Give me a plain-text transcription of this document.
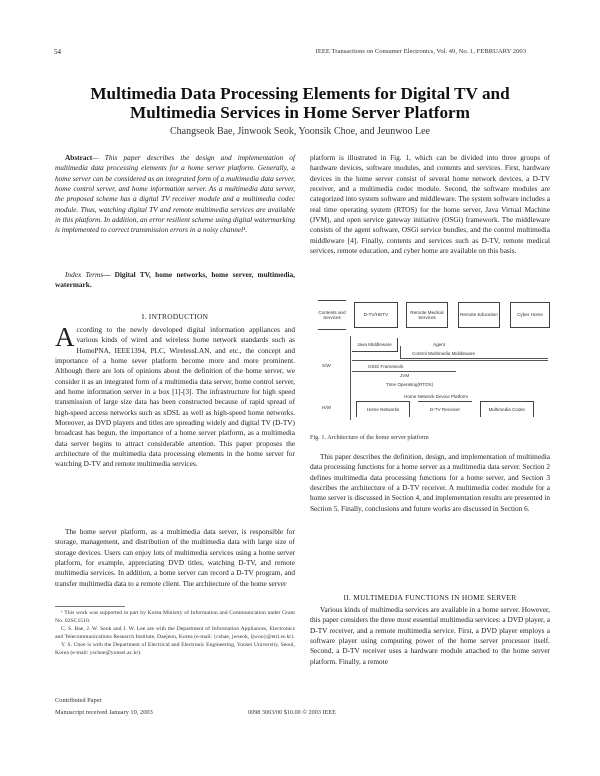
54	IEEE Transactions on Consumer Electronics, Vol. 49, No. 1, FEBRUARY 2003
Multimedia Data Processing Elements for Digital TV and
Multimedia Services in Home Server Platform
Changseok Bae, Jinwook Seok, Yoonsik Choe, and Jeunwoo Lee

Abstract— This paper describes the design and implementation of multimedia data processing elements for a home server platform. Generally, a home server can be considered as an integrated form of a multimedia data server, home control server, and home information server. As a multimedia data server, the proposed scheme has a digital TV receiver module and a multimedia codec module. Thus, watching digital TV and remote multimedia services are available in this platform. In addition, an error resilient scheme using digital watermarking is implemented to correct transmission errors in a noisy channel¹.

Index Terms— Digital TV, home networks, home server, multimedia, watermark.

I. INTRODUCTION
According to the newly developed digital information appliances and various kinds of wired and wireless home network standards such as HomePNA, IEEE1394, PLC, WirelessLAN, and etc., the concept and importance of a home sever platform become more and more prominent. Although there are lots of opinions about the definition of the home server, we consider it as an integrated form of a multimedia data server, home control server, and home information server in a box [1]-[3]. The infrastructure for high speed transmission of large size data has been constructed because of rapid spread of high-speed access networks such as xDSL as well as high-speed home networks. Moreover, as DVD players and titles are spreading widely and digital TV (D-TV) broadcast has begun, the importance of a home server platform, as a multimedia data server begins to attract considerable attention. This paper proposes the architecture of the multimedia data processing elements in the home server for watching D-TV and remote multimedia services.

The home server platform, as a multimedia data server, is responsible for storage, management, and distribution of the multimedia data with large size of storage devices. Users can enjoy lots of multimedia services using a home server platform, for example, appreciating DVD titles, watching D-TV, and remote multimedia services. In addition, a home server can record a D-TV program, and transfer multimedia data to a remote client. The architecture of the home server

¹ This work was supported in part by Korea Ministry of Information and Communication under Grant No. 02SC1510.

C. S. Bae, J. W. Seok and J. W. Lee are with the Department of Information Appliances, Electronics and Telecommunications Research Institute, Daejeon, Korea (e-mail: {csbae, jwseok, ljwoo}@etri.re.kr).

Y. S. Choe is with the Department of Electrical and Electronic Engineering, Yonsei University, Seoul, Korea (e-mail: yschoe@yonsei.ac.kr).

Contributed Paper
Manuscript received January 10, 2003	0098 3063/00 $10.00 © 2003 IEEE

platform is illustrated in Fig. 1, which can be divided into three groups of hardware devices, software modules, and contents and services. First, hardware devices in the home server consist of several home network devices, a D-TV receiver, and a multimedia codec module. Second, the software modules are categorized into system software and middleware. The system software includes a real time operating system (RTOS) for the home server, Java Virtual Machine (JVM), and open service gateway initiative (OSGi) framework. The middleware consists of the agent software, OSGi service bundles, and the control multimedia middleware [4]. Finally, contents and services such as D-TV, remote medical services, remote education, and cyber home are available on this basis.

Contents and Services
D-TV/HDTV
Remote Medical Services
Remote Education	Cyber Home
S/W
Java Middleware	Agent
Control Multimedia Middleware
OSGi Framework
JVM
Time Operating(RTOS)
Home Network Device Platform
H/W	Home Networks	D-TV Receiver	Multimedia Codec
Fig. 1. Architecture of the home server platform

This paper describes the definition, design, and implementation of multimedia data processing functions for a home server as a multimedia data server. Section 2 defines multimedia data processing functions for a home server, and Section 3 describes the architecture of a D-TV receiver. A multimedia codec module for a home server is discussed in Section 4, and implementation results are presented in Section 5. Finally, conclusions and future works are discussed in Section 6.

II. MULTIMEDIA FUNCTIONS IN HOME SERVER

Various kinds of multimedia services are available in a home server. However, this paper considers the three most essential multimedia services: a DVD player, a D-TV receiver, and a remote multimedia service. First, a DVD player employs a software player using computing power of the home server processor itself. Second, a D-TV receiver uses a hardware module attached to the home server platform. Finally, a remote
